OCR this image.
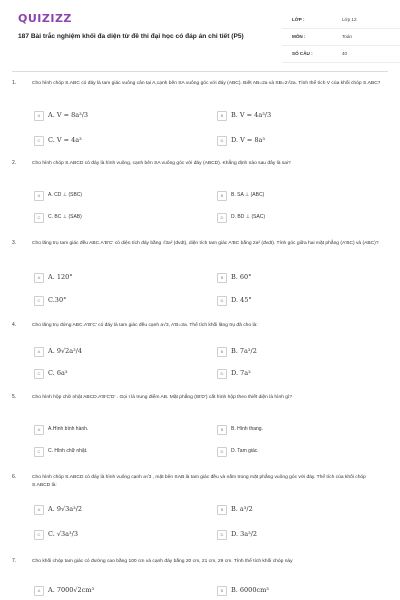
QUIZIZZ
187 Bài trắc nghiệm khối đa diện từ đề thi đại học có đáp án chi tiết (P5)
LỚP :	Lớp 12
MÔN :	Toán
SỐ CÂU :	40
1.	Cho hình chóp S.ABC có đáy là tam giác vuông cân tại A,cạnh bên SA vuông góc với đáy (ABC). Biết AB=2a và SB=2√2a. Tính thể tích V của khối chóp S.ABC?
A	A. V = 8a³/3	B	B. V = 4a³/3
C	C. V = 4a³	D	D. V = 8a³
2.	Cho hình chóp S.ABCD có đáy là hình vuông, cạnh bên SA vuông góc với đáy (ABCD). Khẳng định nào sau đây là sai?
A	A. CD ⊥ (SBC)	B	B. SA ⊥ (ABC)
C	C. BC ⊥ (SAB)	D	D. BD ⊥ (SAC)
3.	Cho lăng trụ tam giác đều ABC.A'B'C' có diện tích đáy bằng √3a² (đvdt), diện tích tam giác A'BC bằng 2a² (đvdt). Tính góc giữa hai mặt phẳng (A'BC) và (ABC)?
A	A. 120°	B	B. 60°
C	C.30°	D	D. 45°
4.	Cho lăng trụ đứng ABC.A'B'C' có đáy là tam giác đều cạnh a√3, A'B=3a. Thể tích khối lăng trụ đã cho là:
A	A. 9√2a³/4	B	B. 7a³/2
C	C. 6a³	D	D. 7a³
5.	Cho hình hộp chữ nhật ABCD.A'B'C'D' . Gọi I là trung điểm AB. Mặt phẳng (IB'D') cắt hình hộp theo thiết diện là hình gì?
A	A.Hình bình hành.	B	B. Hình thang.
C	C. Hình chữ nhật.	D	D. Tam giác.
6.	Cho hình chóp S.ABCD có đáy là hình vuông cạnh a√3 , mặt bên SAB là tam giác đều và nằm trong mặt phẳng vuông góc với đáy. Thể tích của khối chóp S.ABCD là:
A	A. 9√3a³/2	B	B. a³/2
C	C. √3a³/3	D	D. 3a³/2
7.	Cho khối chóp tam giác có đường cao bằng 100 cm và cạnh đáy bằng 20 cm, 21 cm, 29 cm. Tính thể tích khối chóp này
A	A. 7000√2cm³	B	B. 6000cm³
